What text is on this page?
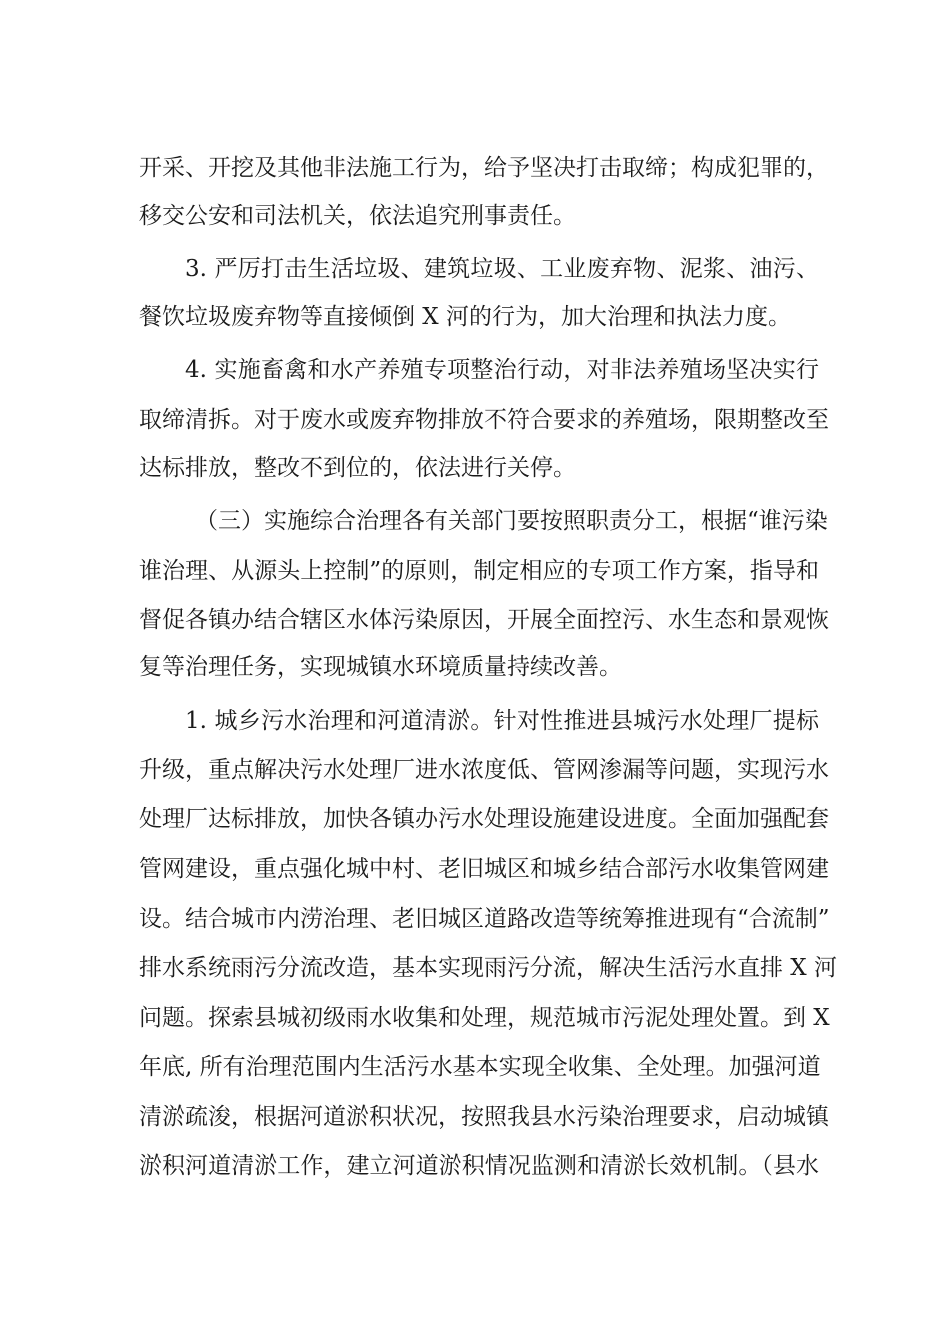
开采、开挖及其他非法施工行为，给予坚决打击取缔；构成犯罪的，
移交公安和司法机关，依法追究刑事责任。
3. 严厉打击生活垃圾、建筑垃圾、工业废弃物、泥浆、油污、
餐饮垃圾废弃物等直接倾倒 X 河的行为，加大治理和执法力度。
4. 实施畜禽和水产养殖专项整治行动，对非法养殖场坚决实行
取缔清拆。对于废水或废弃物排放不符合要求的养殖场，限期整改至
达标排放，整改不到位的，依法进行关停。
（三）实施综合治理各有关部门要按照职责分工，根据“谁污染
谁治理、从源头上控制”的原则，制定相应的专项工作方案，指导和
督促各镇办结合辖区水体污染原因，开展全面控污、水生态和景观恢
复等治理任务，实现城镇水环境质量持续改善。
1. 城乡污水治理和河道清淤。针对性推进县城污水处理厂提标
升级，重点解决污水处理厂进水浓度低、管网渗漏等问题，实现污水
处理厂达标排放，加快各镇办污水处理设施建设进度。全面加强配套
管网建设，重点强化城中村、老旧城区和城乡结合部污水收集管网建
设。结合城市内涝治理、老旧城区道路改造等统筹推进现有“合流制”
排水系统雨污分流改造，基本实现雨污分流，解决生活污水直排 X 河
问题。探索县城初级雨水收集和处理，规范城市污泥处理处置。到 X
年底, 所有治理范围内生活污水基本实现全收集、全处理。加强河道
清淤疏浚，根据河道淤积状况，按照我县水污染治理要求，启动城镇
淤积河道清淤工作，建立河道淤积情况监测和清淤长效机制。（县水
